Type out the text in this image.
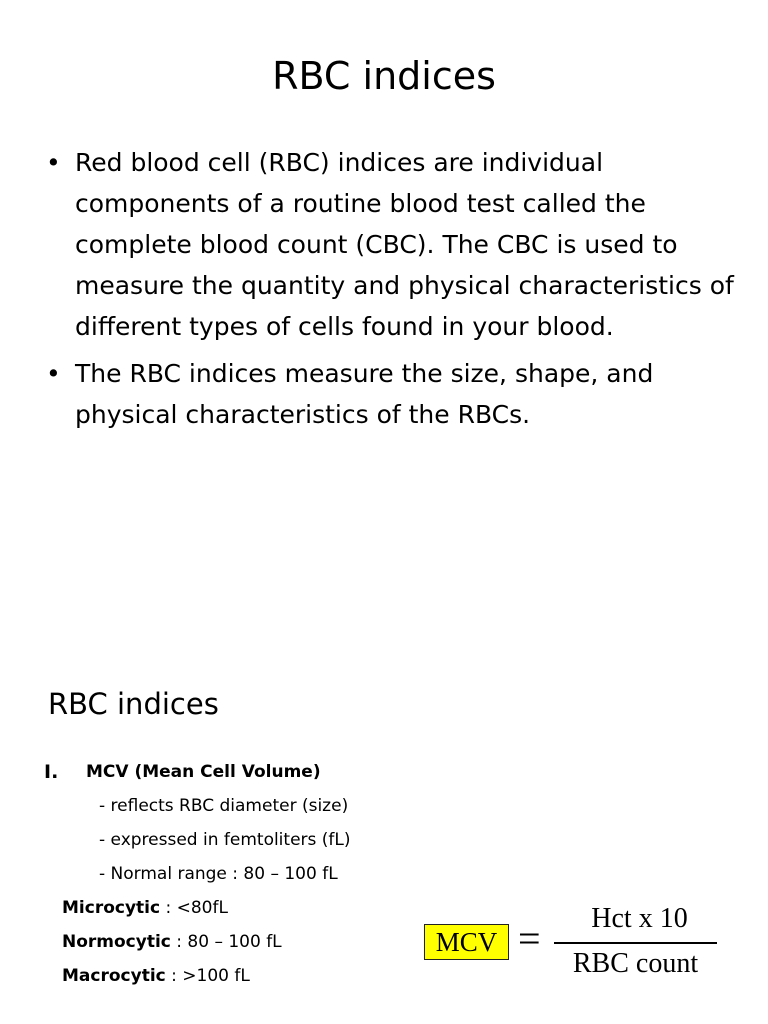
RBC indices
• Red blood cell (RBC) indices are individual components of a routine blood test called the complete blood count (CBC). The CBC is used to measure the quantity and physical characteristics of different types of cells found in your blood.
• The RBC indices measure the size, shape, and physical characteristics of the RBCs.
RBC indices
I. MCV (Mean Cell Volume)
- reflects RBC diameter (size)
- expressed in femtoliters (fL)
- Normal range : 80 – 100 fL
Microcytic : <80fL
Normocytic : 80 – 100 fL
Macrocytic : >100 fL
MCV =	Hct x 10
RBC count
